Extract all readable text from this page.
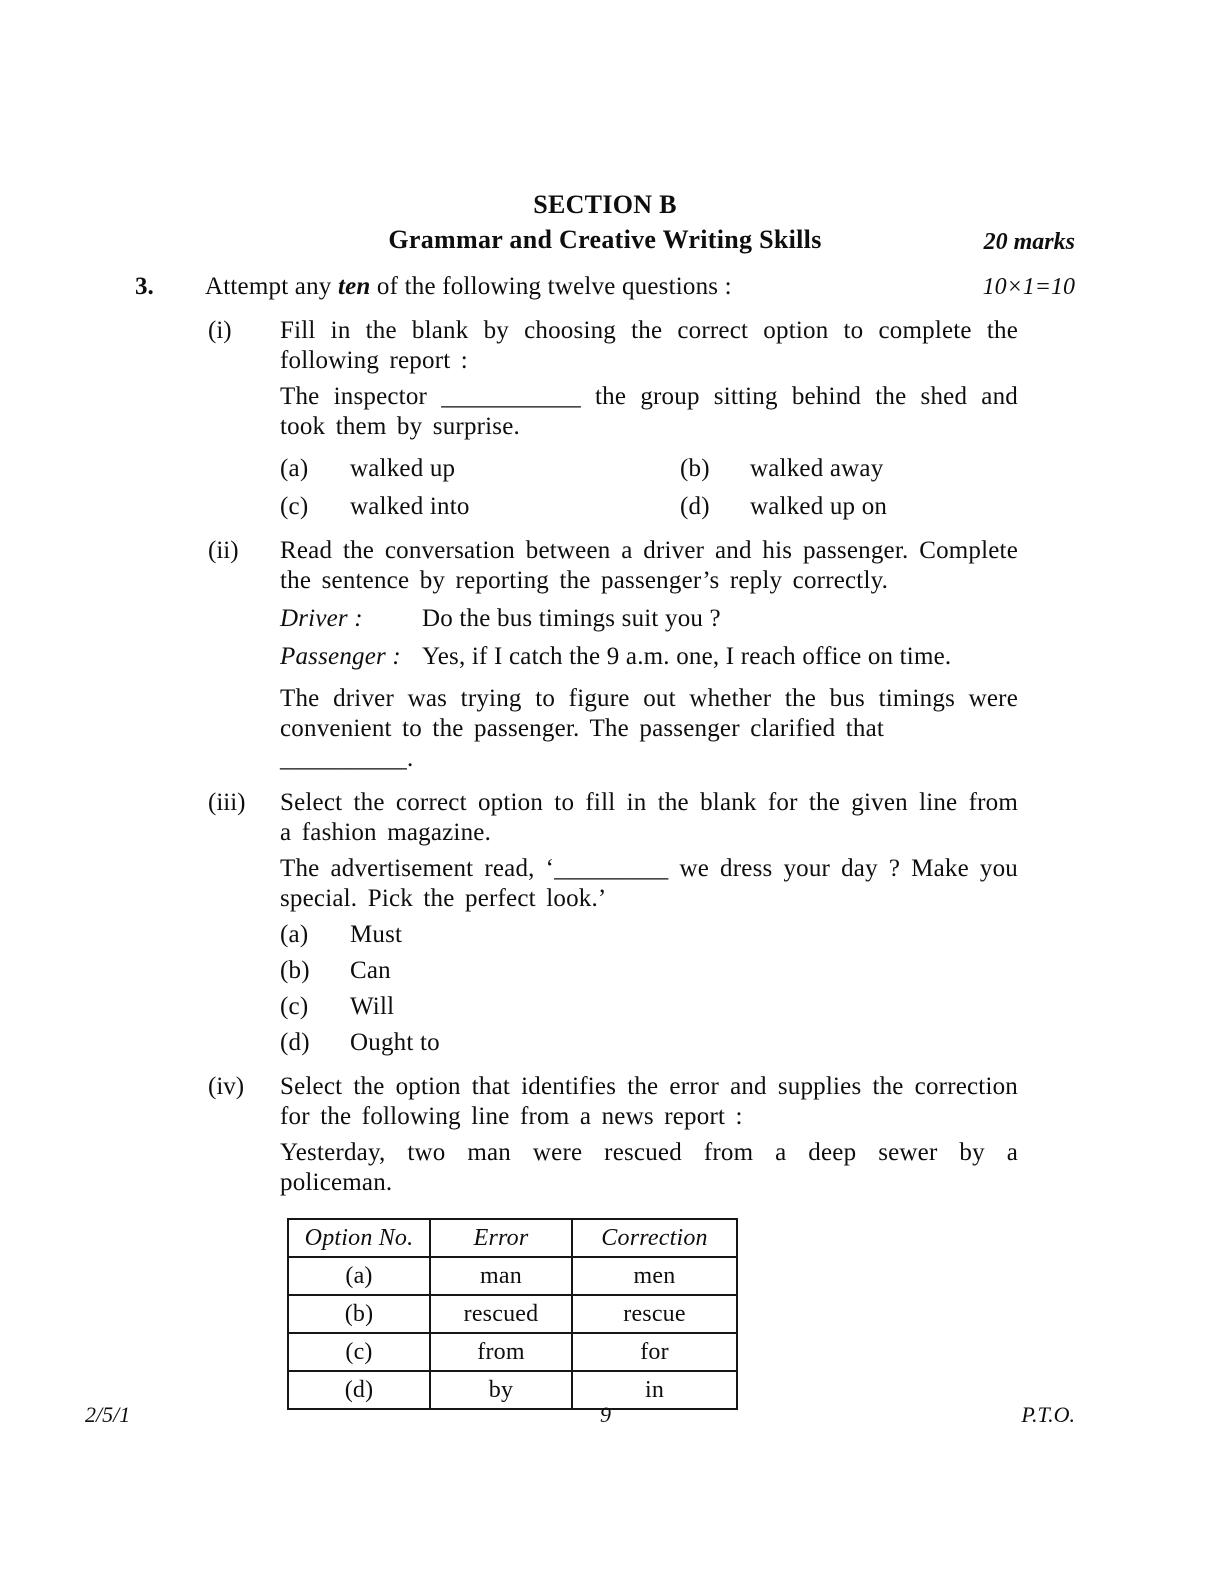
SECTION B
Grammar and Creative Writing Skills	20 marks
3.	Attempt any ten of the following twelve questions :	10×1=10
(i)	Fill in the blank by choosing the correct option to complete the following report :

The inspector ___________ the group sitting behind the shed and took them by surprise.

(a)	walked up	(b)	walked away
(c)	walked into	(d)	walked up on
(ii)	Read the conversation between a driver and his passenger. Complete the sentence by reporting the passenger’s reply correctly.

Driver :	Do the bus timings suit you ?
Passenger : Yes, if I catch the 9 a.m. one, I reach office on time.

The driver was trying to figure out whether the bus timings were convenient to the passenger. The passenger clarified that

__________.

(iii)	Select the correct option to fill in the blank for the given line from a fashion magazine.

The advertisement read, ‘_________ we dress your day ? Make you special. Pick the perfect look.’

(a)	Must
(b)	Can
(c)	Will
(d)	Ought to
(iv)	Select the option that identifies the error and supplies the correction for the following line from a news report :

Yesterday, two man were rescued from a deep sewer by a policeman.

Option No.	Error	Correction
(a)	man	men
(b)	rescued	rescue
(c)	from	for
(d)	by	in
2/5/1	9	P.T.O.
